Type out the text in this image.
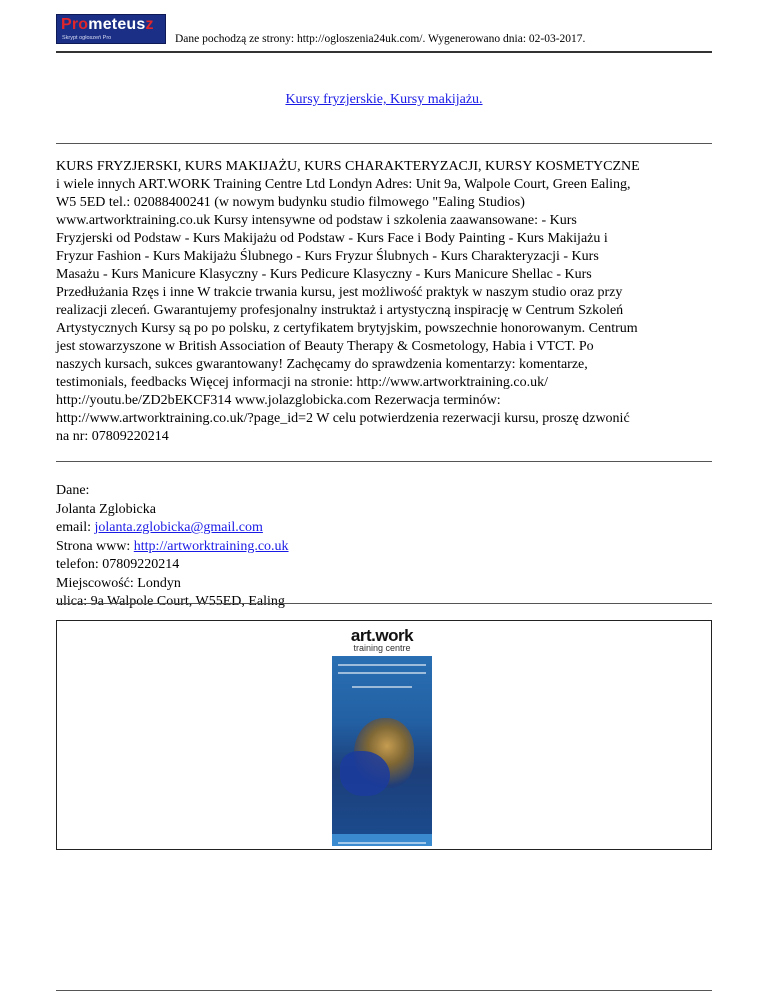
Prometeusz
Skrypt ogłoszeń Pro	Dane pochodzą ze strony: http://ogloszenia24uk.com/. Wygenerowano dnia: 02-03-2017.
Kursy fryzjerskie, Kursy makijażu.
KURS FRYZJERSKI, KURS MAKIJAŻU, KURS CHARAKTERYZACJI, KURSY KOSMETYCZNE
i wiele innych ART.WORK Training Centre Ltd Londyn Adres: Unit 9a, Walpole Court, Green Ealing,
W5 5ED tel.: 02088400241 (w nowym budynku studio filmowego "Ealing Studios)
www.artworktraining.co.uk Kursy intensywne od podstaw i szkolenia zaawansowane: - Kurs
Fryzjerski od Podstaw - Kurs Makijażu od Podstaw - Kurs Face i Body Painting - Kurs Makijażu i
Fryzur Fashion - Kurs Makijażu Ślubnego - Kurs Fryzur Ślubnych - Kurs Charakteryzacji - Kurs
Masażu - Kurs Manicure Klasyczny - Kurs Pedicure Klasyczny - Kurs Manicure Shellac - Kurs
Przedłużania Rzęs i inne W trakcie trwania kursu, jest możliwość praktyk w naszym studio oraz przy
realizacji zleceń. Gwarantujemy profesjonalny instruktaż i artystyczną inspirację w Centrum Szkoleń
Artystycznych Kursy są po po polsku, z certyfikatem brytyjskim, powszechnie honorowanym. Centrum
jest stowarzyszone w British Association of Beauty Therapy & Cosmetology, Habia i VTCT. Po
naszych kursach, sukces gwarantowany! Zachęcamy do sprawdzenia komentarzy: komentarze,
testimonials, feedbacks Więcej informacji na stronie: http://www.artworktraining.co.uk/
http://youtu.be/ZD2bEKCF314 www.jolazglobicka.com Rezerwacja terminów:
http://www.artworktraining.co.uk/?page_id=2 W celu potwierdzenia rezerwacji kursu, proszę dzwonić
na nr: 07809220214
Dane:
Jolanta Zglobicka
email: jolanta.zglobicka@gmail.com
Strona www: http://artworktraining.co.uk
telefon: 07809220214
Miejscowość: Londyn
ulica: 9a Walpole Court, W55ED, Ealing
art.work
training centre
